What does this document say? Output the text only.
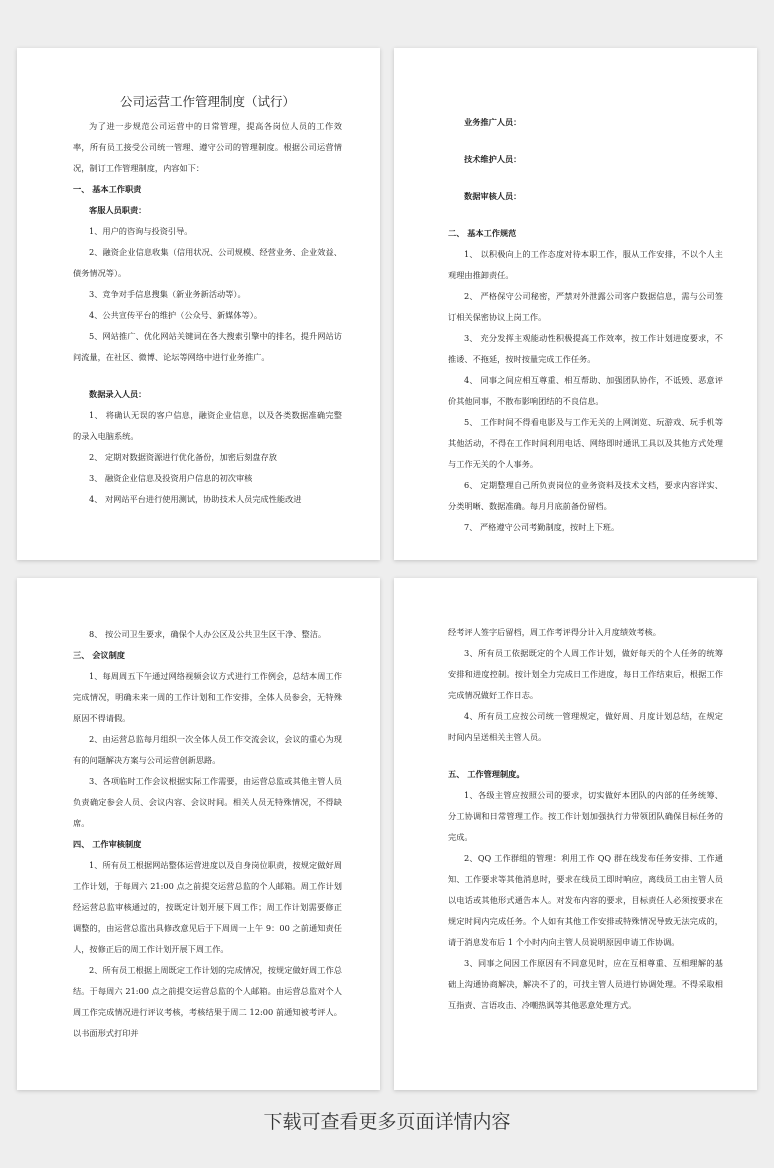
公司运营工作管理制度（试行）

为了进一步规范公司运营中的日常管理，提高各岗位人员的工作效率，所有员工接受公司统一管理、遵守公司的管理制度。根据公司运营情况，制订工作管理制度，内容如下：

一、 基本工作职责

客服人员职责：

1、用户的咨询与投资引导。

2、融资企业信息收集（信用状况、公司规模、经营业务、企业效益、债务情况等）。

3、竞争对手信息搜集（新业务新活动等）。

4、公共宣传平台的维护（公众号、新媒体等）。

5、网站推广、优化网站关键词在各大搜索引擎中的排名，提升网站访问流量，在社区、微博、论坛等网络中进行业务推广。

数据录入人员：

1、 将确认无误的客户信息，融资企业信息，以及各类数据准确完整的录入电脑系统。

2、 定期对数据资源进行优化备份，加密后刻盘存放

3、 融资企业信息及投资用户信息的初次审核

4、 对网站平台进行使用测试，协助技术人员完成性能改进

业务推广人员：

技术维护人员：

数据审核人员：

二、 基本工作规范

1、 以积极向上的工作态度对待本职工作，服从工作安排，不以个人主观理由推卸责任。

2、 严格保守公司秘密，严禁对外泄露公司客户数据信息，需与公司签订相关保密协议上岗工作。

3、 充分发挥主观能动性积极提高工作效率，按工作计划进度要求，不推诿、不拖延，按时按量完成工作任务。

4、 同事之间应相互尊重、相互帮助、加强团队协作，不诋毁、恶意评价其他同事，不散布影响团结的不良信息。

5、 工作时间不得看电影及与工作无关的上网浏览、玩游戏、玩手机等其他活动，不得在工作时间利用电话、网络即时通讯工具以及其他方式处理与工作无关的个人事务。

6、 定期整理自己所负责岗位的业务资料及技术文档，要求内容详实、分类明晰、数据准确。每月月底前备份留档。

7、 严格遵守公司考勤制度，按时上下班。

8、 按公司卫生要求，确保个人办公区及公共卫生区干净、整洁。

三、 会议制度

1、每周周五下午通过网络视频会议方式进行工作例会，总结本周工作完成情况，明确未来一周的工作计划和工作安排，全体人员参会，无特殊原因不得请假。

2、由运营总监每月组织一次全体人员工作交流会议，会议的重心为现有的问题解决方案与公司运营创新思路。

3、各项临时工作会议根据实际工作需要，由运营总监或其他主管人员负责确定参会人员、会议内容、会议时间。相关人员无特殊情况，不得缺席。

四、 工作审核制度

1、所有员工根据网站整体运营进度以及自身岗位职责，按规定做好周工作计划，于每周六 21:00 点之前提交运营总监的个人邮箱。周工作计划经运营总监审核通过的，按既定计划开展下周工作；周工作计划需要修正调整的，由运营总监出具修改意见后于下周周一上午 9：00 之前通知责任人，按修正后的周工作计划开展下周工作。

2、所有员工根据上周既定工作计划的完成情况，按规定做好周工作总结。于每周六 21:00 点之前提交运营总监的个人邮箱。由运营总监对个人周工作完成情况进行评议考核，考核结果于周二 12:00 前通知被考评人。以书面形式打印并

经考评人签字后留档，周工作考评得分计入月度绩效考核。

3、所有员工依据既定的个人周工作计划，做好每天的个人任务的统筹安排和进度控制。按计划全力完成日工作进度，每日工作结束后，根据工作完成情况做好工作日志。

4、所有员工应按公司统一管理规定，做好周、月度计划总结，在规定时间内呈送相关主管人员。

五、 工作管理制度。

1、各级主管应按照公司的要求，切实做好本团队的内部的任务统筹、分工协调和日常管理工作。按工作计划加强执行力带领团队确保目标任务的完成。

2、QQ 工作群组的管理：利用工作 QQ 群在线发布任务安排、工作通知、工作要求等其他消息时，要求在线员工即时响应，离线员工由主管人员以电话或其他形式通告本人。对发布内容的要求，目标责任人必须按要求在规定时间内完成任务。个人如有其他工作安排或特殊情况导致无法完成的，请于消息发布后 1 个小时内向主管人员说明原因申请工作协调。

3、同事之间因工作原因有不同意见时，应在互相尊重、互相理解的基础上沟通协商解决，解决不了的，可找主管人员进行协调处理。不得采取相互指责、言语攻击、冷嘲热讽等其他恶意处理方式。

下载可查看更多页面详情内容
